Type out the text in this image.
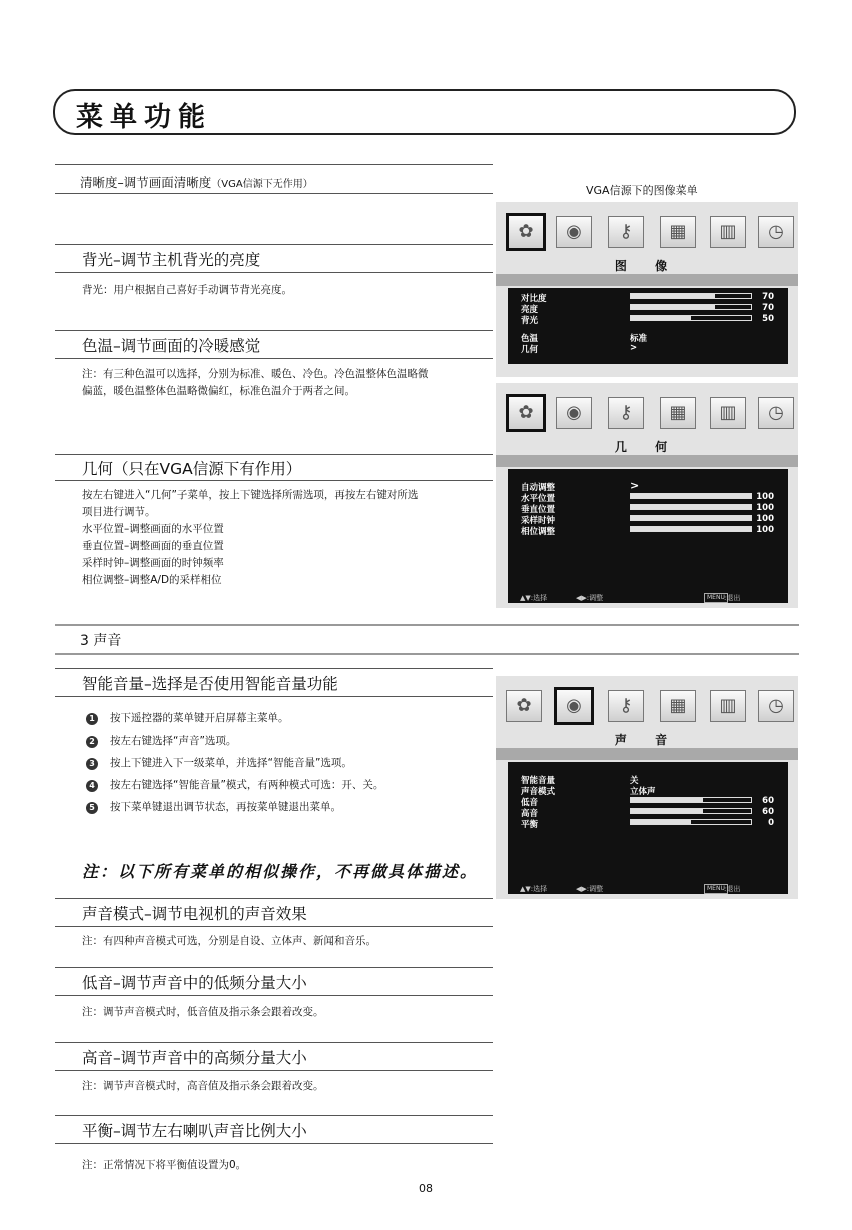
菜单功能
清晰度–调节画面清晰度（VGA信源下无作用）
背光–调节主机背光的亮度
背光：用户根据自己喜好手动调节背光亮度。
色温–调节画面的冷暖感觉
注：有三种色温可以选择，分别为标准、暖色、冷色。冷色温整体色温略微
偏蓝，暖色温整体色温略微偏红，标准色温介于两者之间。
几何（只在VGA信源下有作用）
按左右键进入“几何”子菜单，按上下键选择所需选项，再按左右键对所选
项目进行调节。
水平位置–调整画面的水平位置
垂直位置–调整画面的垂直位置
采样时钟–调整画面的时钟频率
相位调整–调整A/D的采样相位
3 声音
智能音量–选择是否使用智能音量功能
1	按下遥控器的菜单键开启屏幕主菜单。
2	按左右键选择“声音”选项。
3	按上下键进入下一级菜单，并选择“智能音量”选项。
4	按左右键选择“智能音量”模式，有两种模式可选：开、关。
5	按下菜单键退出调节状态，再按菜单键退出菜单。
注：以下所有菜单的相似操作，不再做具体描述。
声音模式–调节电视机的声音效果
注：有四种声音模式可选，分别是自设、立体声、新闻和音乐。
低音–调节声音中的低频分量大小
注：调节声音模式时，低音值及指示条会跟着改变。
高音–调节声音中的高频分量大小
注：调节声音模式时，高音值及指示条会跟着改变。
平衡–调节左右喇叭声音比例大小
注：正常情况下将平衡值设置为0。
08
VGA信源下的图像菜单
✿	◉	⚷	▦	▥	◷
图 像
对比度	70
亮度	70
背光	50
色温	标准
几何	>
✿	◉	⚷	▦	▥	◷
几 何
自动调整	>
水平位置	100
垂直位置	100
采样时钟	100
相位调整	100
▲▼:选择	◀▶:调整	MENU :退出
✿	◉	⚷	▦	▥	◷
声 音
智能音量	关
声音模式	立体声
低音	60
高音	60
平衡	0
▲▼:选择	◀▶:调整	MENU :退出
